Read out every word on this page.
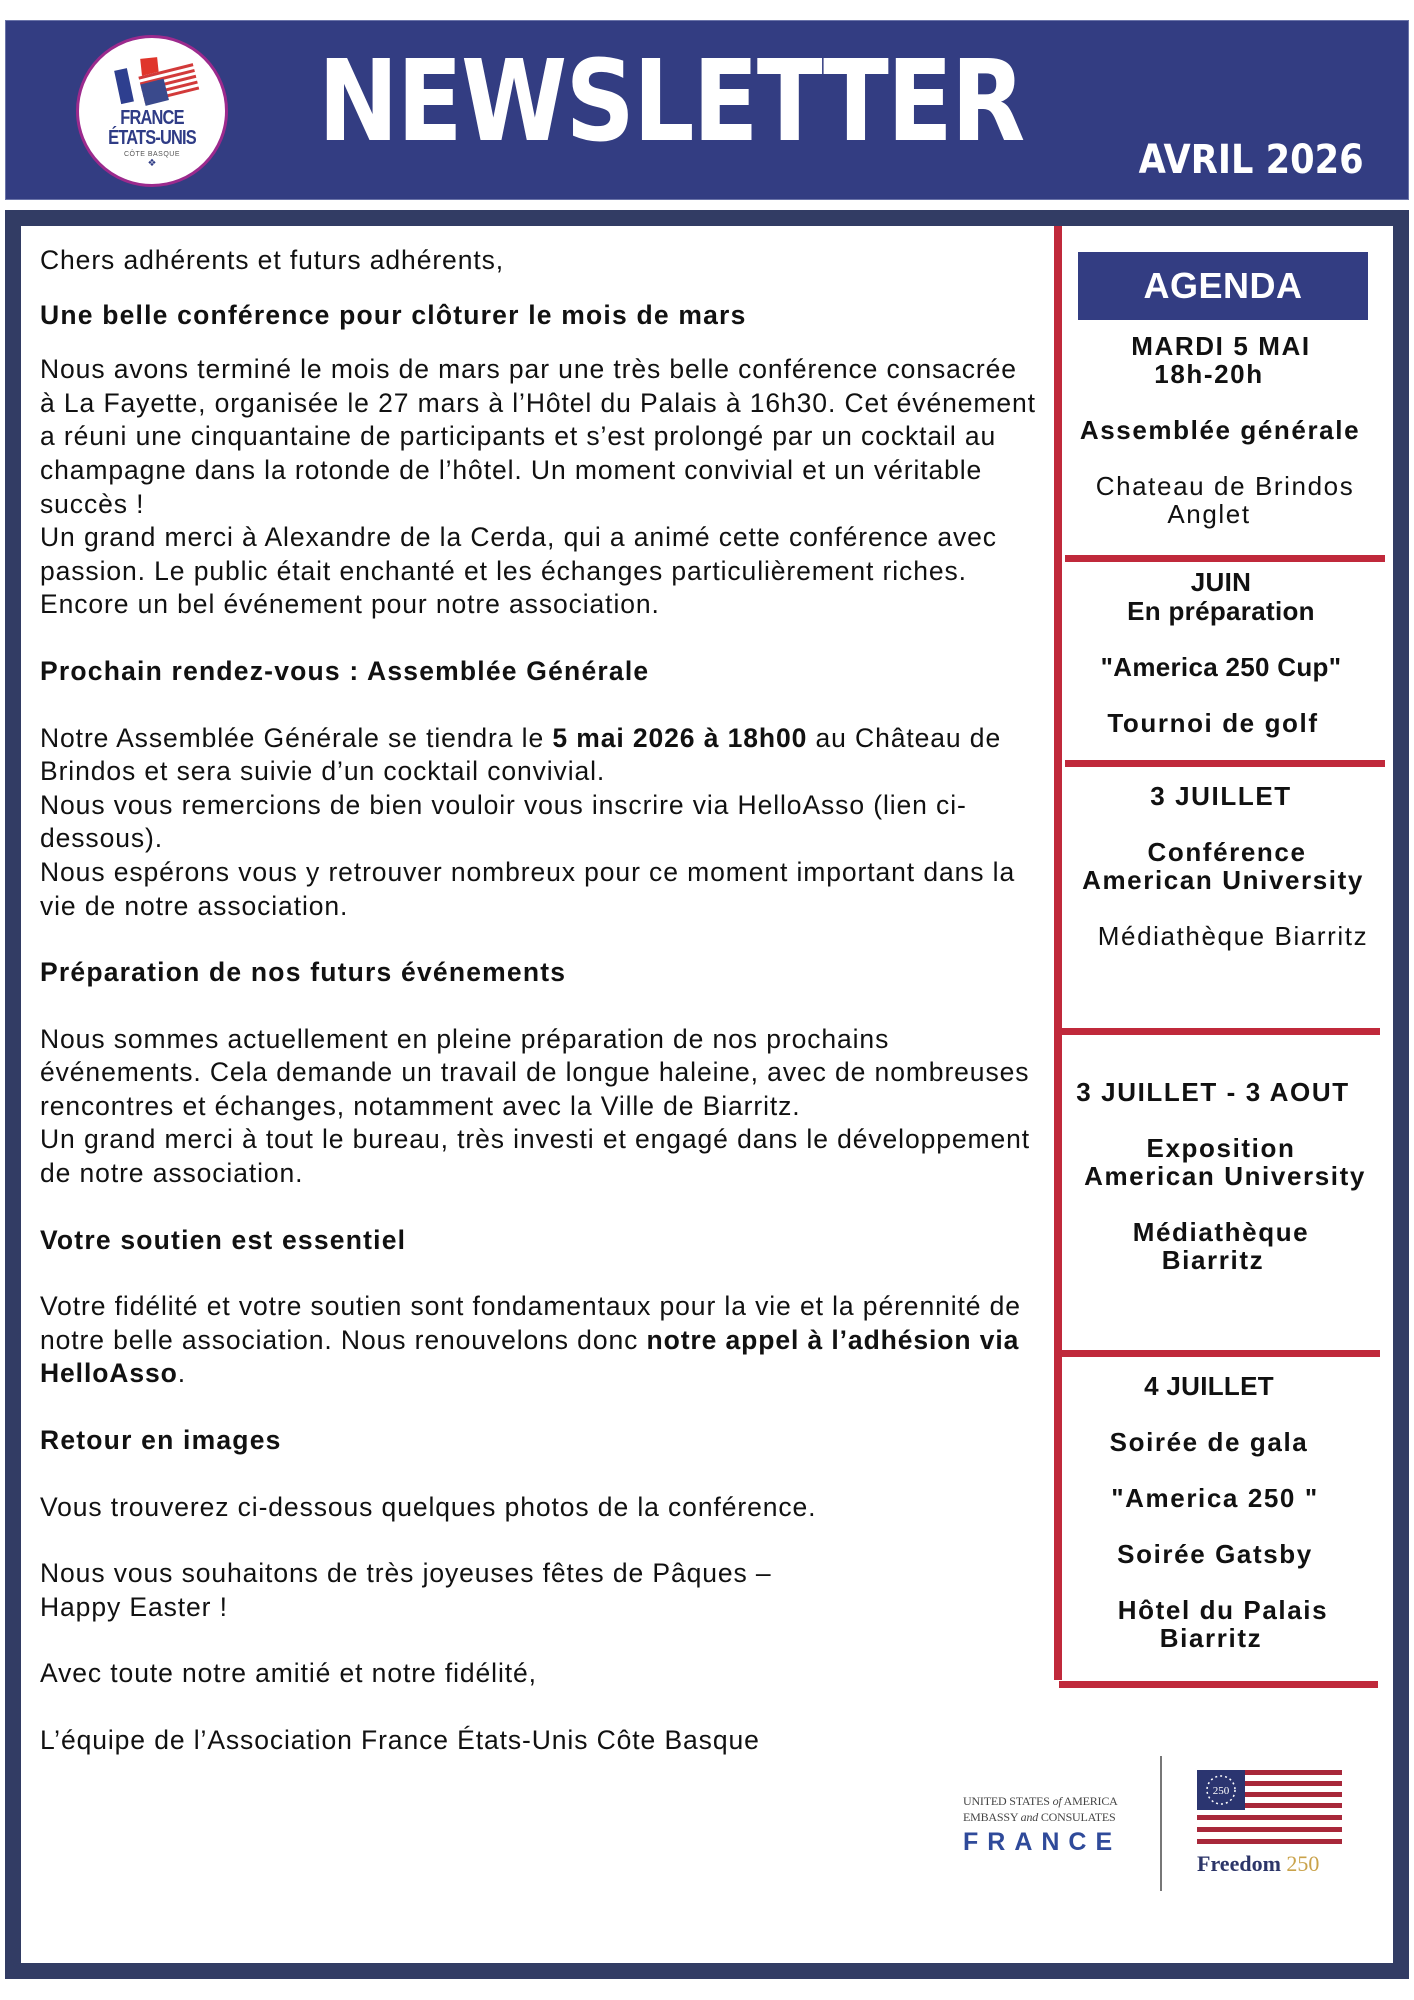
FRANCE
ÉTATS-UNIS
CÔTE BASQUE
❖	NEWSLETTER	AVRIL 2026

Chers adhérents et futurs adhérents,

Une belle conférence pour clôturer le mois de mars

Nous avons terminé le mois de mars par une très belle conférence consacrée à La Fayette, organisée le 27 mars à l’Hôtel du Palais à 16h30. Cet événement a réuni une cinquantaine de participants et s’est prolongé par un cocktail au champagne dans la rotonde de l’hôtel. Un moment convivial et un véritable succès !

Un grand merci à Alexandre de la Cerda, qui a animé cette conférence avec passion. Le public était enchanté et les échanges particulièrement riches. Encore un bel événement pour notre association.

Prochain rendez-vous : Assemblée Générale

Notre Assemblée Générale se tiendra le 5 mai 2026 à 18h00 au Château de Brindos et sera suivie d’un cocktail convivial.

Nous vous remercions de bien vouloir vous inscrire via HelloAsso (lien ci-dessous).

Nous espérons vous y retrouver nombreux pour ce moment important dans la vie de notre association.

Préparation de nos futurs événements

Nous sommes actuellement en pleine préparation de nos prochains événements. Cela demande un travail de longue haleine, avec de nombreuses rencontres et échanges, notamment avec la Ville de Biarritz.

Un grand merci à tout le bureau, très investi et engagé dans le développement de notre association.

Votre soutien est essentiel

Votre fidélité et votre soutien sont fondamentaux pour la vie et la pérennité de notre belle association. Nous renouvelons donc notre appel à l’adhésion via HelloAsso.

Retour en images

Vous trouverez ci-dessous quelques photos de la conférence.

Nous vous souhaitons de très joyeuses fêtes de Pâques – Happy Easter !

Avec toute notre amitié et notre fidélité,

L’équipe de l’Association France États-Unis Côte Basque

AGENDA
MARDI 5 MAI
18h-20h
Assemblée générale
Chateau de Brindos
Anglet
JUIN
En préparation
"America 250 Cup"
Tournoi de golf
3 JUILLET
Conférence
American University
Médiathèque Biarritz
3 JUILLET - 3 AOUT
Exposition
American University
Médiathèque
Biarritz
4 JUILLET
Soirée de gala
"America 250 "
Soirée Gatsby
Hôtel du Palais
Biarritz
UNITED STATES of AMERICA
EMBASSY and CONSULATES
FRANCE
250
Freedom 250
